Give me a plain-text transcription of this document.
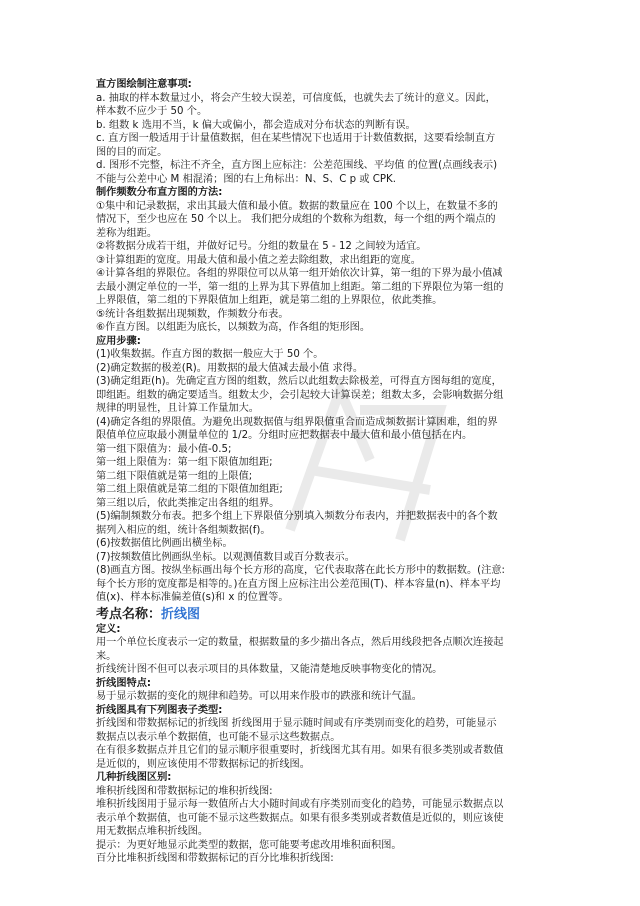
直方图绘制注意事项:
a. 抽取的样本数量过小，将会产生较大误差，可信度低，也就失去了统计的意义。因此，
样本数不应少于 50 个。
b. 组数 k 选用不当，k 偏大或偏小，都会造成对分布状态的判断有误。
c. 直方图一般适用于计量值数据，但在某些情况下也适用于计数值数据，这要看绘制直方
图的目的而定。
d. 图形不完整，标注不齐全，直方图上应标注：公差范围线、平均值 的位置(点画线表示)
不能与公差中心 M 相混淆；图的右上角标出：N、S、C p 或 CPK.
制作频数分布直方图的方法:
①集中和记录数据，求出其最大值和最小值。数据的数量应在 100 个以上，在数量不多的
情况下，至少也应在 50 个以上。 我们把分成组的个数称为组数，每一个组的两个端点的
差称为组距。
②将数据分成若干组，并做好记号。分组的数量在 5 - 12 之间较为适宜。
③计算组距的宽度。用最大值和最小值之差去除组数，求出组距的宽度。
④计算各组的界限位。各组的界限位可以从第一组开始依次计算，第一组的下界为最小值减
去最小测定单位的一半，第一组的上界为其下界值加上组距。第二组的下界限位为第一组的
上界限值，第二组的下界限值加上组距，就是第二组的上界限位，依此类推。
⑤统计各组数据出现频数，作频数分布表。
⑥作直方图。以组距为底长，以频数为高，作各组的矩形图。
应用步骤:
(1)收集数据。作直方图的数据一般应大于 50 个。
(2)确定数据的极差(R)。用数据的最大值减去最小值 求得。
(3)确定组距(h)。先确定直方图的组数，然后以此组数去除极差，可得直方图每组的宽度，
即组距。组数的确定要适当。组数太少，会引起较大计算误差；组数太多，会影响数据分组
规律的明显性，且计算工作量加大。
(4)确定各组的界限值。为避免出现数据值与组界限值重合而造成频数据计算困难，组的界
限值单位应取最小测量单位的 1/2。分组时应把数据表中最大值和最小值包括在内。
第一组下限值为：最小值-0.5;
第一组上限值为：第一组下限值加组距;
第二组下限值就是第一组的上限值;
第二组上限值就是第二组的下限值加组距;
第三组以后，依此类推定出各组的组界。
(5)编制频数分布表。把多个组上下界限值分别填入频数分布表内，并把数据表中的各个数
据列入相应的组，统计各组频数据(f)。
(6)按数据值比例画出横坐标。
(7)按频数值比例画纵坐标。以观测值数目或百分数表示。
(8)画直方图。按纵坐标画出每个长方形的高度，它代表取落在此长方形中的数据数。(注意:
每个长方形的宽度都是相等的。)在直方图上应标注出公差范围(T)、样本容量(n)、样本平均
值(x)、样本标准偏差值(s)和 x 的位置等。
考点名称：折线图
定义:
用一个单位长度表示一定的数量，根据数量的多少描出各点，然后用线段把各点顺次连接起
来。
折线统计图不但可以表示项目的具体数量，又能清楚地反映事物变化的情况。
折线图特点:
易于显示数据的变化的规律和趋势。可以用来作股市的跌涨和统计气温。
折线图具有下列图表子类型:
折线图和带数据标记的折线图 折线图用于显示随时间或有序类别而变化的趋势，可能显示
数据点以表示单个数据值，也可能不显示这些数据点。
在有很多数据点并且它们的显示顺序很重要时，折线图尤其有用。如果有很多类别或者数值
是近似的，则应该使用不带数据标记的折线图。
几种折线图区别:
堆积折线图和带数据标记的堆积折线图:
堆积折线图用于显示每一数值所占大小随时间或有序类别而变化的趋势，可能显示数据点以
表示单个数据值，也可能不显示这些数据点。如果有很多类别或者数值是近似的，则应该使
用无数据点堆积折线图。
提示：为更好地显示此类型的数据，您可能要考虑改用堆积面积图。
百分比堆积折线图和带数据标记的百分比堆积折线图:
